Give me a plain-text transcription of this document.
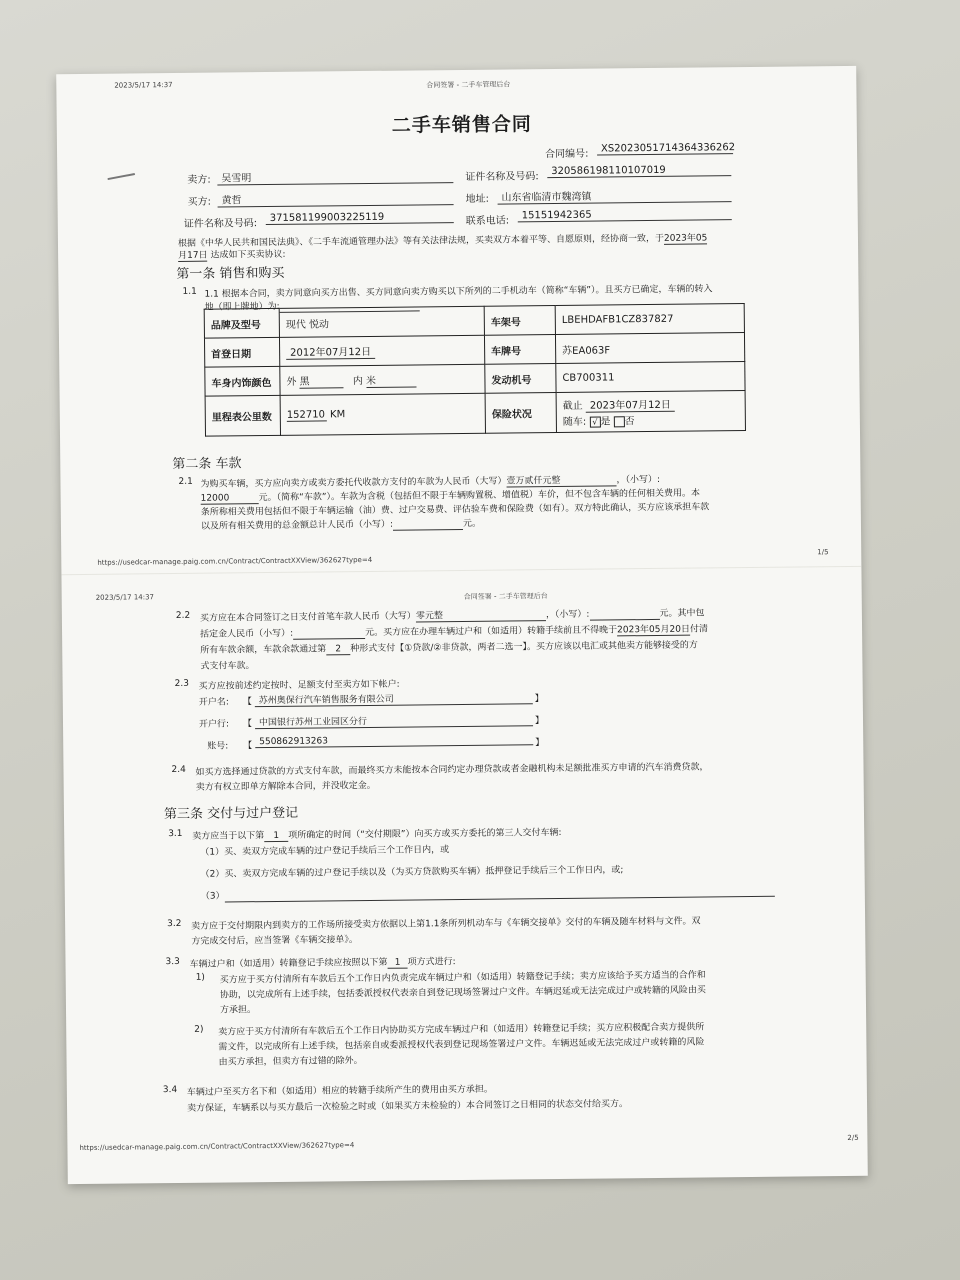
2023/5/17 14:37	合同签署 - 二手车管理后台
二手车销售合同
合同编号:	XS20230517143643362​62
卖方:	吴雪明	证件名称及号码:
320586198110107019
买方:	黄哲	地址:	山东省临清市魏湾镇
证件名称及号码:
371581199003225119	联系电话:	15151942365
根据《中华人民共和国民法典》、《二手车流通管理办法》等有关法律法规，买卖双方本着平等、自愿原则，经协商一致，于2023年05
月17日 达成如下买卖协议:
第一条 销售和购买
1.1 1.1 根据本合同，卖方同意向买方出售、买方同意向卖方购买以下所列的二手机动车（简称“车辆”）。且买方已确定，车辆的转入
地（即上牌地）为:
品牌及型号	现代 悦动	车架号	LBEHDAFB1CZ837827
首登日期	2012年07月12日	车牌号	苏EA063F
车身内饰颜色	外 黑 内 米	发动机号	CB700311
里程表公里数	152710 KM	保险状况	截止 2023年07月12日
随车: √ 是 否
第二条 车款
2.1 为购买车辆，买方应向卖方或卖方委托代收款方支付的车款为人民币（大写）壹万贰仟元整	，（小写）:
12000	元。（简称“车款”）。车款为含税（包括但不限于车辆购置税、增值税）车价，但不包含车辆的任何相关费用。本
条所称相关费用包括但不限于车辆运输（油）费、过户交易费、评估验车费和保险费（如有）。双方特此确认，买方应该承担车款
以及所有相关费用的总金额总计人民币（小写）:	元。
https://usedcar-manage.paig.com.cn/Contract/ContractXXView/362627type=4
1/5
2023/5/17 14:37	合同签署 - 二手车管理后台
2.2 买方应在本合同签订之日支付首笔车款人民币（大写）零元整	，（小写）:	元。其中包
括定金人民币（小写）:	元。买方应在办理车辆过户和（如适用）转籍手续前且不得晚于2023年05月20日付清
所有车款余额，车款余款通过第 2 种形式支付【①贷款/②非贷款，两者二选一】。买方应该以电汇或其他卖方能够接受的方
式支付车款。
2.3 买方应按前述约定按时、足额支付至卖方如下帐户:
开户名: 【 苏州奥保行汽车销售服务有限公司	】
开户行: 【 中国银行苏州工业园区分行	】
账号: 【 550862913263	】
2.4 如买方选择通过贷款的方式支付车款，而最终买方未能按本合同约定办理贷款或者金融机构未足额批准买方申请的汽车消费贷款，
卖方有权立即单方解除本合同，并没收定金。
第三条 交付与过户登记
3.1 卖方应当于以下第 1 项所确定的时间（“交付期限”）向买方或买方委托的第三人交付车辆:
（1）买、卖双方完成车辆的过户登记手续后三个工作日内，或
（2）买、卖双方完成车辆的过户登记手续以及（为买方贷款购买车辆）抵押登记手续后三个工作日内，或;
（3）
3.2 卖方应于交付期限内到卖方的工作场所接受卖方依据以上第1.1条所列机动车与《车辆交接单》交付的车辆及随车材料与文件。双
方完成交付后，应当签署《车辆交接单》。
3.3 车辆过户和（如适用）转籍登记手续应按照以下第 1 项方式进行:
1) 买方应于买方付清所有车款后五个工作日内负责完成车辆过户和（如适用）转籍登记手续；卖方应该给予买方适当的合作和
协助，以完成所有上述手续，包括委派授权代表亲自到登记现场签署过户文件。车辆迟延或无法完成过户或转籍的风险由买
方承担。
2) 卖方应于买方付清所有车款后五个工作日内协助买方完成车辆过户和（如适用）转籍登记手续；买方应积极配合卖方提供所
需文件，以完成所有上述手续，包括亲自或委派授权代表到登记现场签署过户文件。车辆迟延或无法完成过户或转籍的风险
由买方承担，但卖方有过错的除外。
3.4 车辆过户至买方名下和（如适用）相应的转籍手续所产生的费用由买方承担。
卖方保证，车辆系以与买方最后一次检验之时或（如果买方未检验的）本合同签订之日相同的状态交付给买方。
https://usedcar-manage.paig.com.cn/Contract/ContractXXView/362627type=4
2/5
